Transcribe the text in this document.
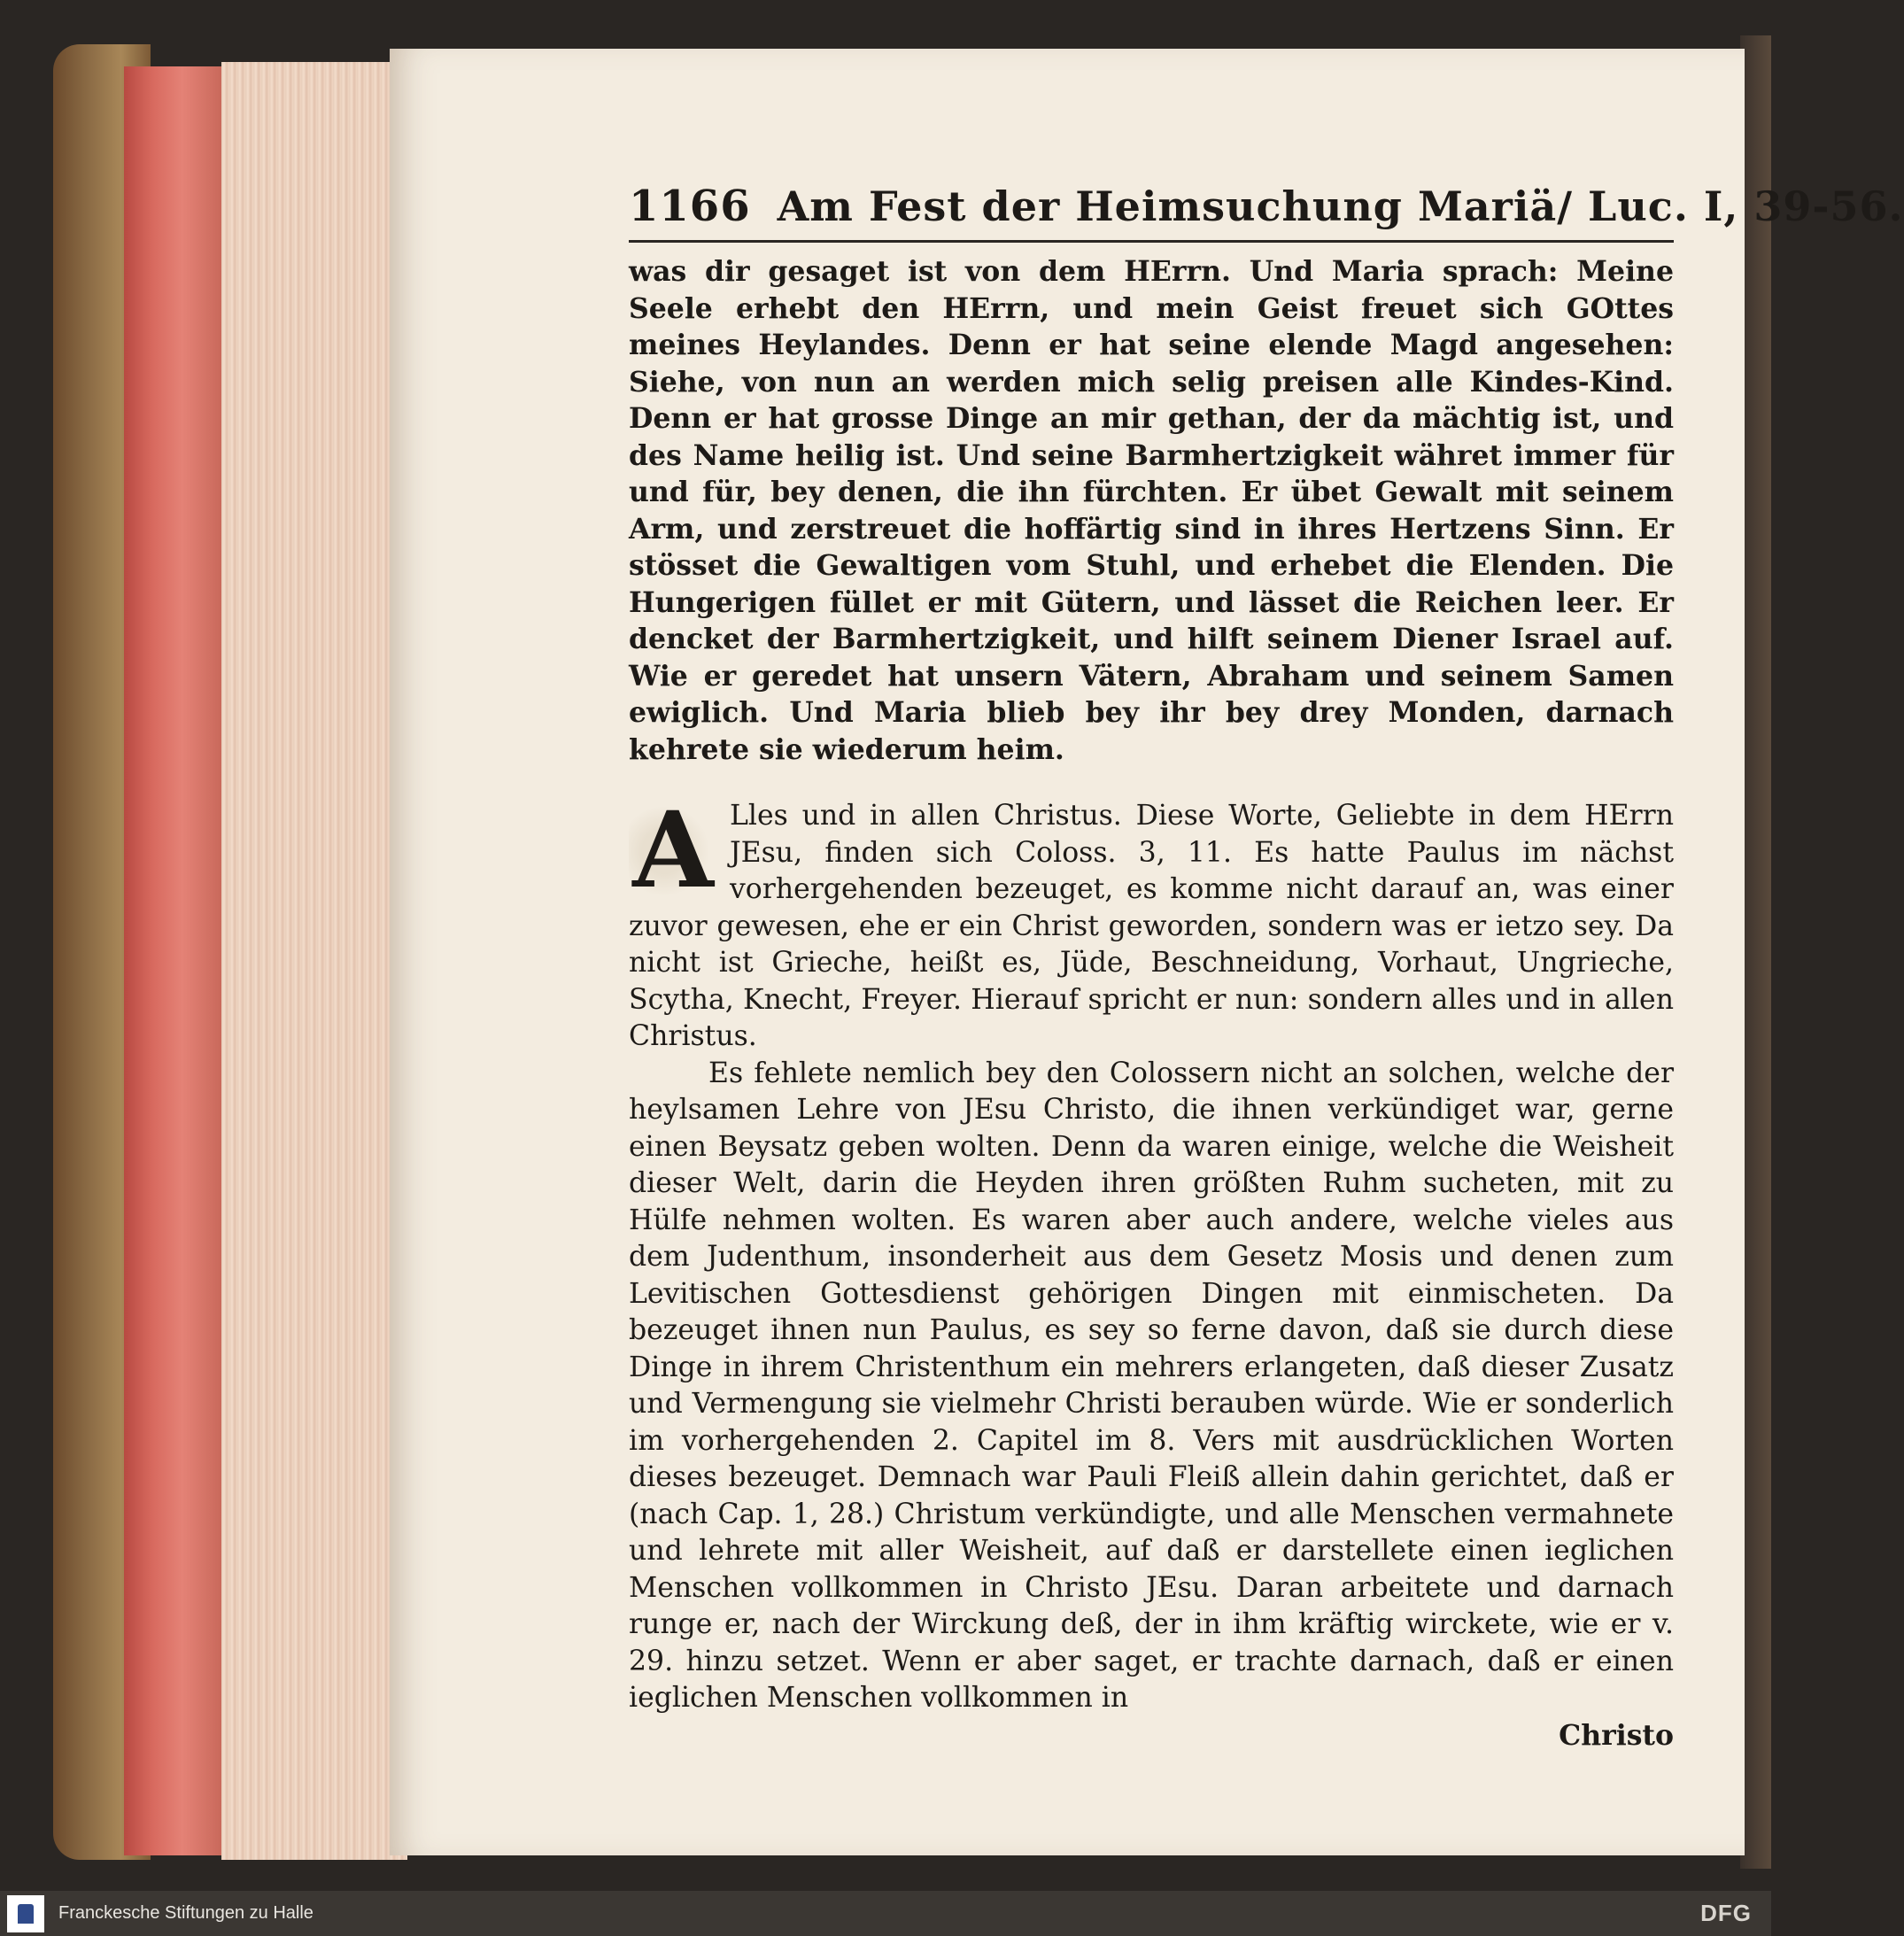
1166 Am Fest der Heimsuchung Mariä/ Luc. I, 39-56.

was dir gesaget ist von dem HErrn. Und Maria sprach: Meine Seele erhebt den HErrn, und mein Geist freuet sich GOttes meines Heylandes. Denn er hat seine elende Magd angesehen: Siehe, von nun an werden mich selig preisen alle Kindes-Kind. Denn er hat grosse Dinge an mir gethan, der da mächtig ist, und des Name heilig ist. Und seine Barmhertzigkeit währet immer für und für, bey denen, die ihn fürchten. Er übet Gewalt mit seinem Arm, und zerstreuet die hoffärtig sind in ihres Hertzens Sinn. Er stösset die Gewaltigen vom Stuhl, und erhebet die Elenden. Die Hungerigen füllet er mit Gütern, und lässet die Reichen leer. Er dencket der Barmhertzigkeit, und hilft seinem Diener Israel auf. Wie er geredet hat unsern Vätern, Abraham und seinem Samen ewiglich. Und Maria blieb bey ihr bey drey Monden, darnach kehrete sie wiederum heim.

A Lles und in allen Christus. Diese Worte, Geliebte in dem HErrn JEsu, finden sich Coloss. 3, 11. Es hatte Paulus im nächst vorhergehenden bezeuget, es komme nicht darauf an, was einer zuvor gewesen, ehe er ein Christ geworden, sondern was er ietzo sey. Da nicht ist Grieche, heißt es, Jüde, Beschneidung, Vorhaut, Ungrieche, Scytha, Knecht, Freyer. Hierauf spricht er nun: sondern alles und in allen Christus.

Es fehlete nemlich bey den Colossern nicht an solchen, welche der heylsamen Lehre von JEsu Christo, die ihnen verkündiget war, gerne einen Beysatz geben wolten. Denn da waren einige, welche die Weisheit dieser Welt, darin die Heyden ihren größten Ruhm sucheten, mit zu Hülfe nehmen wolten. Es waren aber auch andere, welche vieles aus dem Judenthum, insonderheit aus dem Gesetz Mosis und denen zum Levitischen Gottesdienst gehörigen Dingen mit einmischeten. Da bezeuget ihnen nun Paulus, es sey so ferne davon, daß sie durch diese Dinge in ihrem Christenthum ein mehrers erlangeten, daß dieser Zusatz und Vermengung sie vielmehr Christi berauben würde. Wie er sonderlich im vorhergehenden 2. Capitel im 8. Vers mit ausdrücklichen Worten dieses bezeuget. Demnach war Pauli Fleiß allein dahin gerichtet, daß er (nach Cap. 1, 28.) Christum verkündigte, und alle Menschen vermahnete und lehrete mit aller Weisheit, auf daß er darstellete einen ieglichen Menschen vollkommen in Christo JEsu. Daran arbeitete und darnach runge er, nach der Wirckung deß, der in ihm kräftig wirckete, wie er v. 29. hinzu setzet. Wenn er aber saget, er trachte darnach, daß er einen ieglichen Menschen vollkommen in

Christo

Franckesche Stiftungen zu Halle	DFG
